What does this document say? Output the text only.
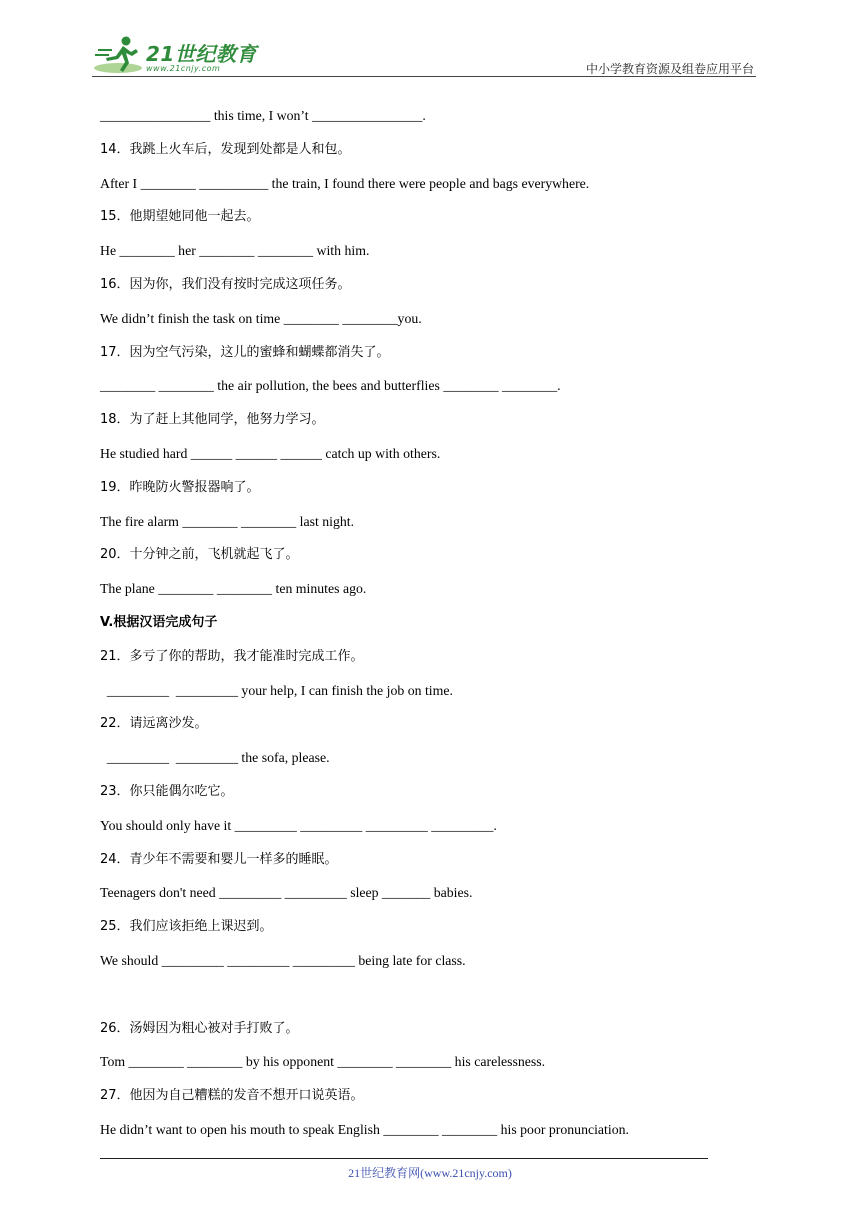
21世纪教育
www.21cnjy.com	中小学教育资源及组卷应用平台
________________ this time, I won’t ________________.
14．我跳上火车后，发现到处都是人和包。
After I ________ __________ the train, I found there were people and bags everywhere.
15．他期望她同他一起去。
He ________ her ________ ________ with him.
16．因为你，我们没有按时完成这项任务。
We didn’t finish the task on time ________ ________you.
17．因为空气污染，这儿的蜜蜂和蝴蝶都消失了。
________ ________ the air pollution, the bees and butterflies ________ ________.
18．为了赶上其他同学，他努力学习。
He studied hard ______ ______ ______ catch up with others.
19．昨晚防火警报器响了。
The fire alarm ________ ________ last night.
20．十分钟之前，飞机就起飞了。
The plane ________ ________ ten minutes ago.
V.根据汉语完成句子
21．多亏了你的帮助，我才能准时完成工作。
_________  _________ your help, I can finish the job on time.
22．请远离沙发。
_________  _________ the sofa, please.
23．你只能偶尔吃它。
You should only have it _________ _________ _________ _________.
24．青少年不需要和婴儿一样多的睡眠。
Teenagers don't need _________ _________ sleep _______ babies.
25．我们应该拒绝上课迟到。
We should _________ _________ _________ being late for class.
26．汤姆因为粗心被对手打败了。
Tom ________ ________ by his opponent ________ ________ his carelessness.
27．他因为自己糟糕的发音不想开口说英语。
He didn’t want to open his mouth to speak English ________ ________ his poor pronunciation.
21世纪教育网(www.21cnjy.com)
